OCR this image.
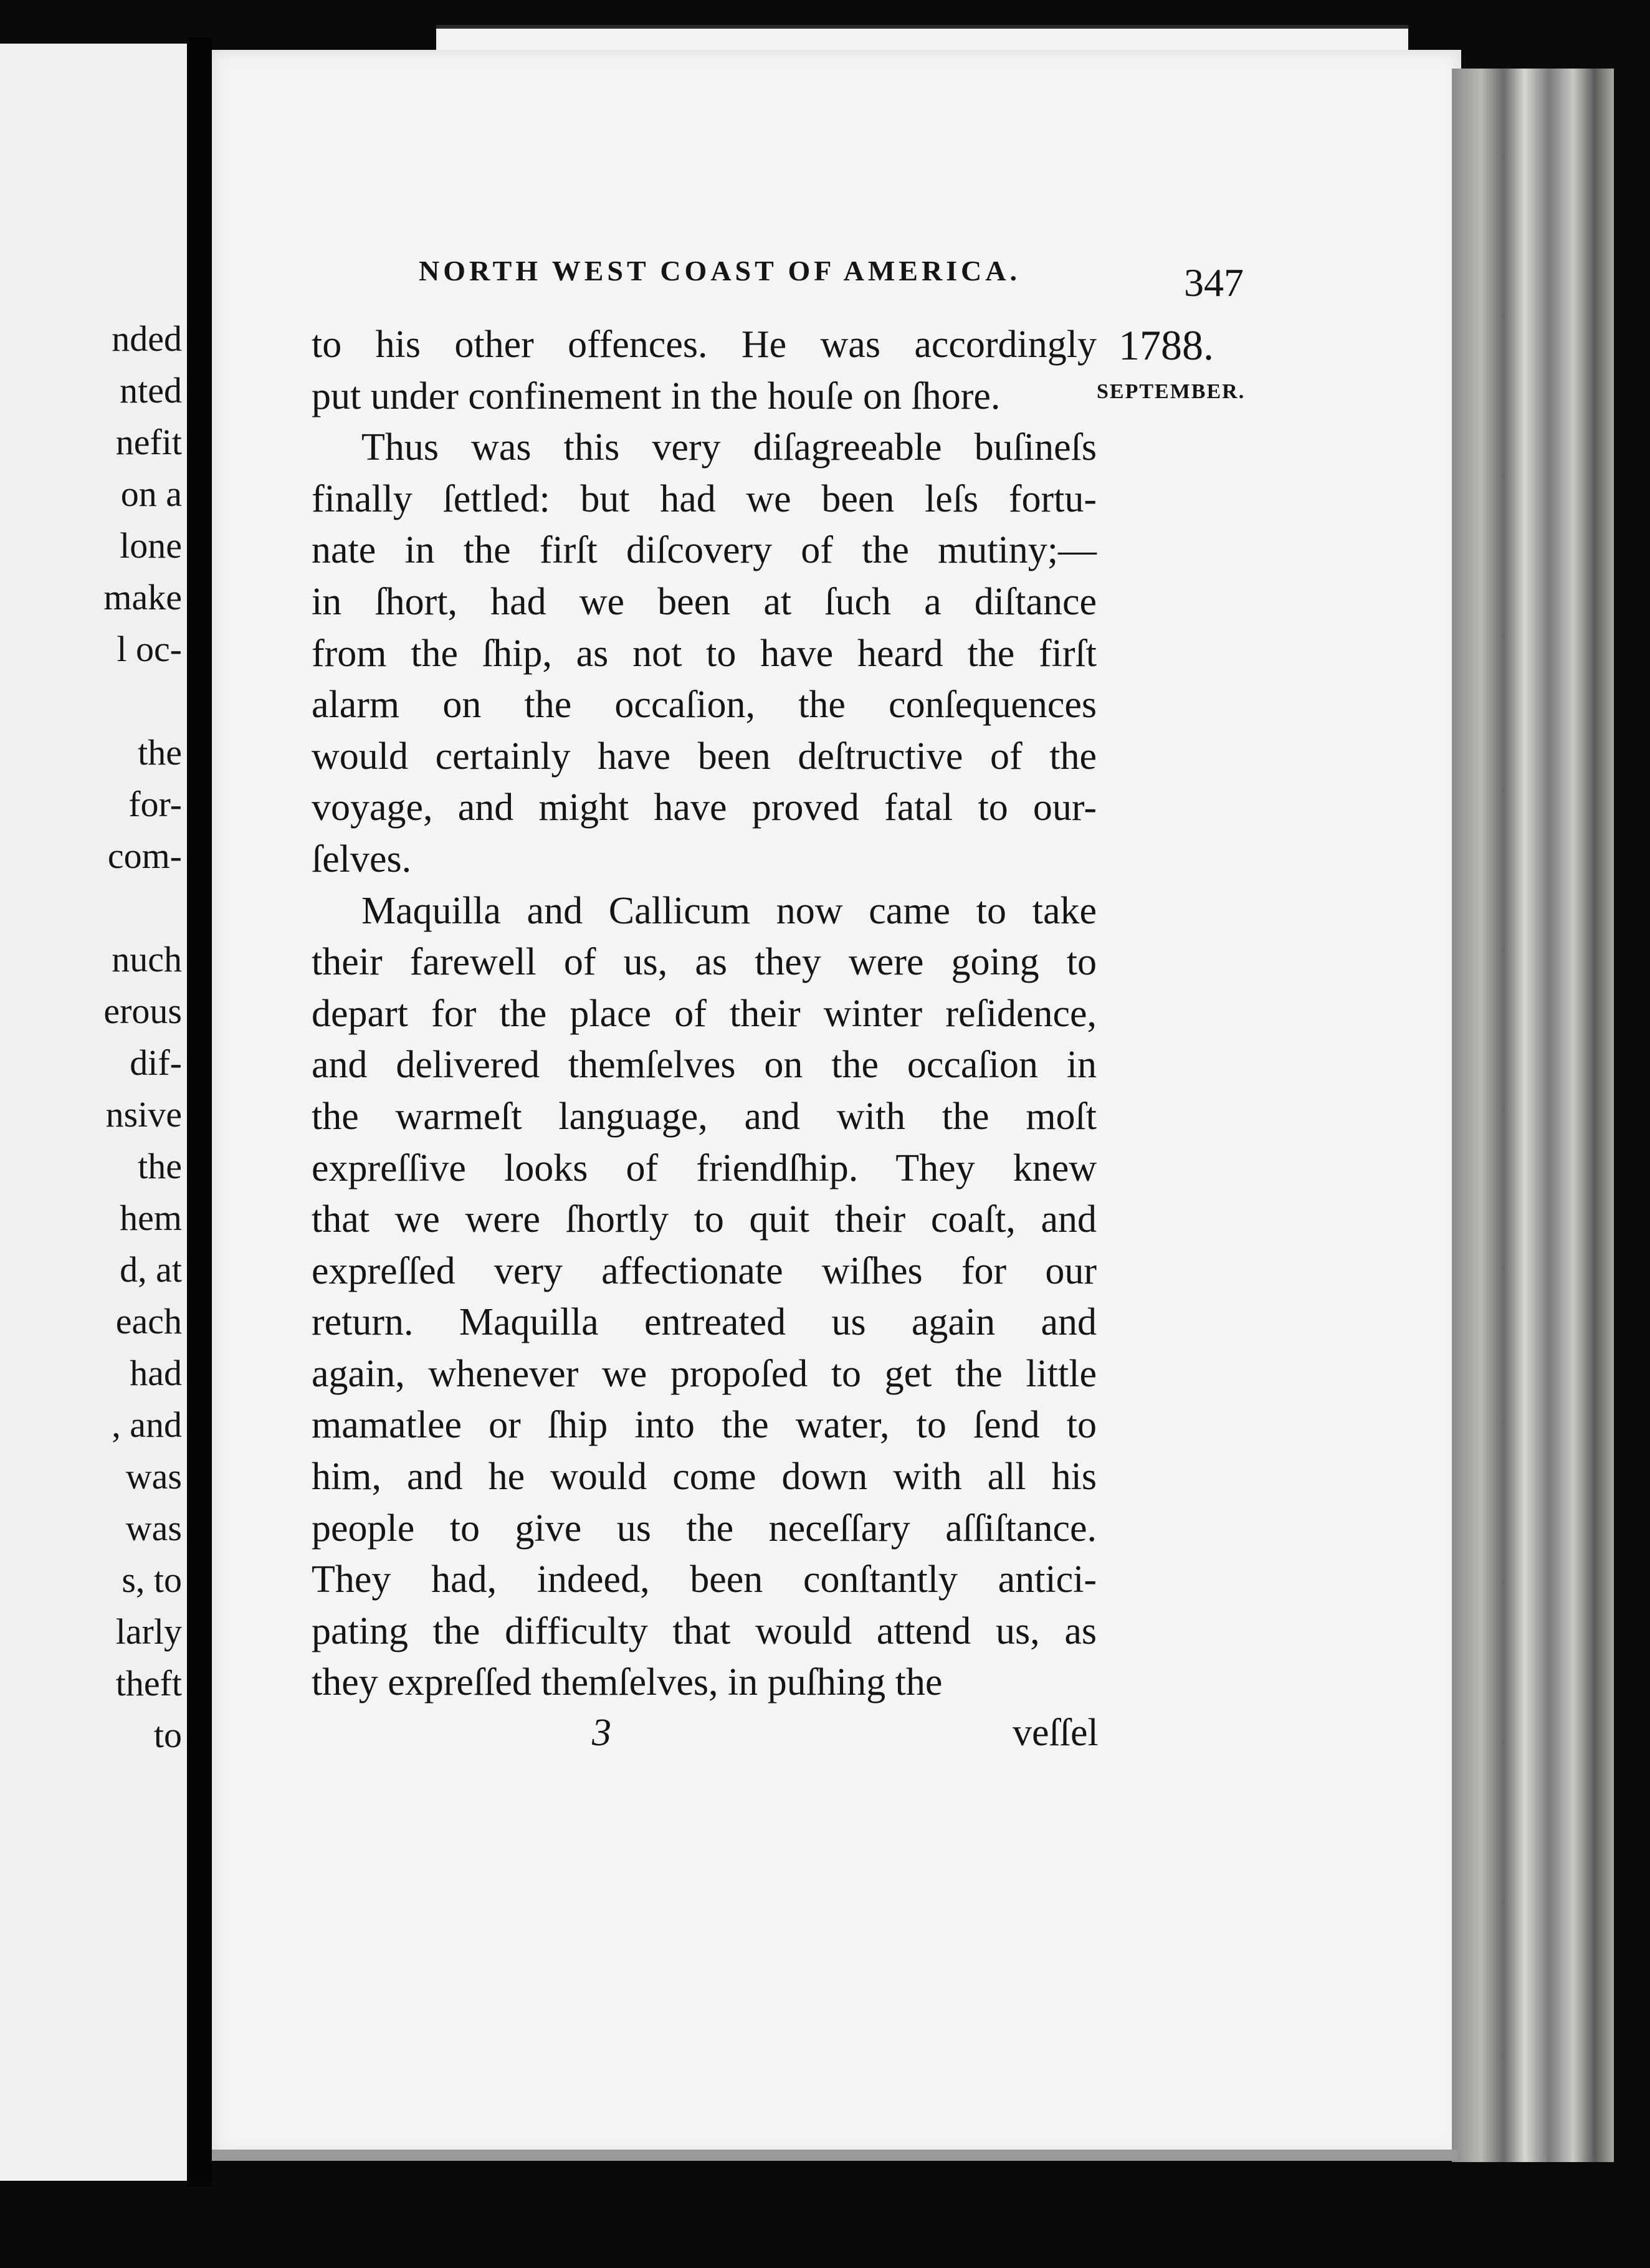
nded
nted
nefit
on a
lone
make
l oc-
the
for-
com-
nuch
erous
dif-
nsive
the
hem
d, at
each
had
, and
was
was
s, to
larly
theft
to
NORTH WEST COAST OF AMERICA.	347
1788.
SEPTEMBER.
to his other offences. He was accordingly
put under confinement in the houſe on ſhore.
Thus was this very diſagreeable buſineſs
finally ſettled: but had we been leſs fortu-
nate in the firſt diſcovery of the mutiny;—
in ſhort, had we been at ſuch a diſtance
from the ſhip, as not to have heard the firſt
alarm on the occaſion, the conſequences
would certainly have been deſtructive of the
voyage, and might have proved fatal to our-
ſelves.
Maquilla and Callicum now came to take
their farewell of us, as they were going to
depart for the place of their winter reſidence,
and delivered themſelves on the occaſion in
the warmeſt language, and with the moſt
expreſſive looks of friendſhip. They knew
that we were ſhortly to quit their coaſt, and
expreſſed very affectionate wiſhes for our
return. Maquilla entreated us again and
again, whenever we propoſed to get the little
mamatlee or ſhip into the water, to ſend to
him, and he would come down with all his
people to give us the neceſſary aſſiſtance.
They had, indeed, been conſtantly antici-
pating the difficulty that would attend us, as
they expreſſed themſelves, in puſhing the
3	veſſel
